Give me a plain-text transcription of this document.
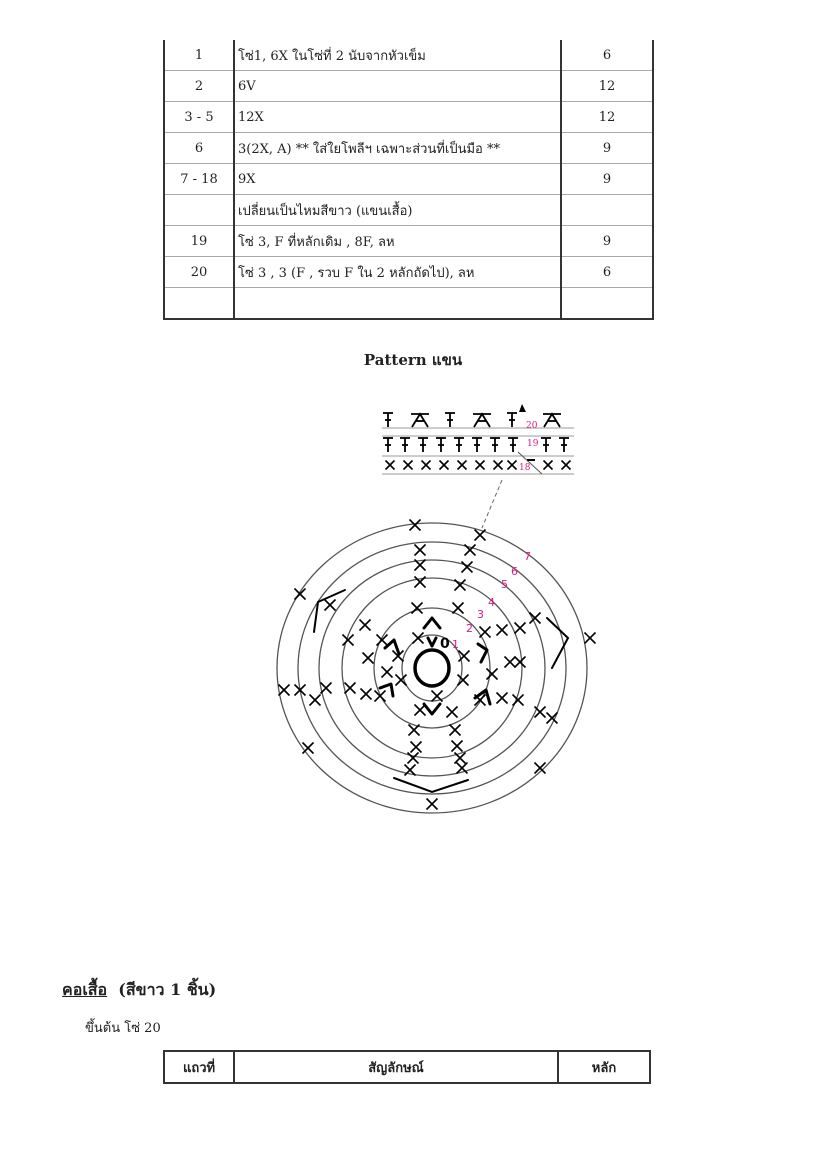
1	โซ่1, 6X ในโซ่ที่ 2 นับจากหัวเข็ม	6
2	6V	12
3 - 5	12X	12
6	3(2X, A) ** ใส่ใยโพลีฯ เฉพาะส่วนที่เป็นมือ **	9
7 - 18	9X	9
	เปลี่ยนเป็นไหมสีขาว (แขนเสื้อ)	
19	โซ่ 3, F ที่หลักเดิม , 8F, ลห	9
20	โซ่ 3 , 3 (F , รวบ F ใน 2 หลักถัดไป), ลห	6

Pattern แขน
20
19
18
0 1
2
3
4
5
6
7
คอเสื้อ (สีขาว 1 ชิ้น)
ขึ้นต้น โซ่ 20
แถวที่	สัญลักษณ์	หลัก
